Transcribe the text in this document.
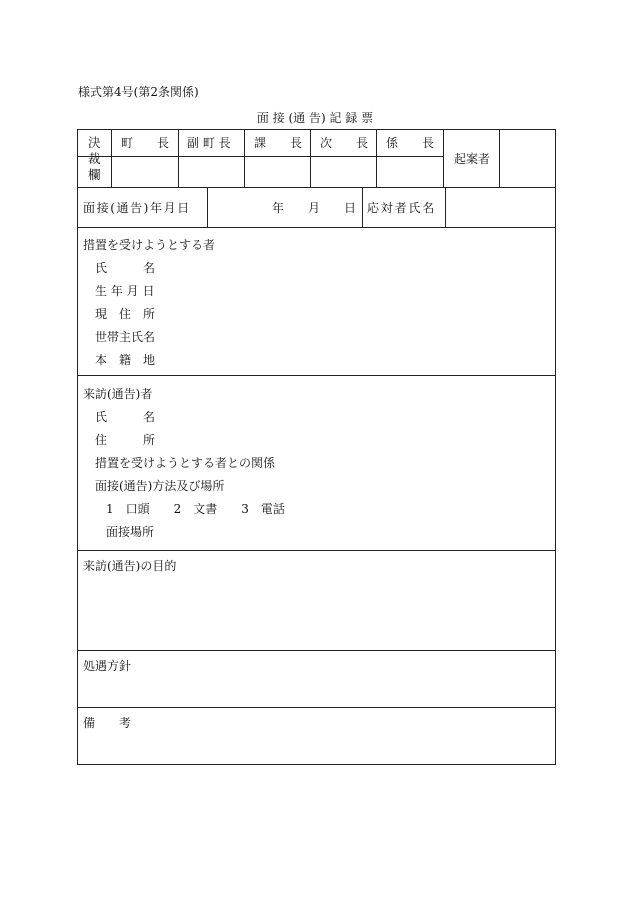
様式第4号(第2条関係)
面 接 (通 告) 記 録 票
決
裁
欄
町　　長 副 町 長 課　　長 次　　長 係　　長
起案者
面接(通告)年月日	年　　月　　日 応対者氏名
措置を受けようとする者
氏　　　名
生 年 月 日
現　住　所
世帯主氏名
本　籍　地
来訪(通告)者
氏　　　名
住　　　所
措置を受けようとする者との関係
面接(通告)方法及び場所
1　口頭　　2　文書　　3　電話
面接場所
来訪(通告)の目的
処遇方針
備　　考
